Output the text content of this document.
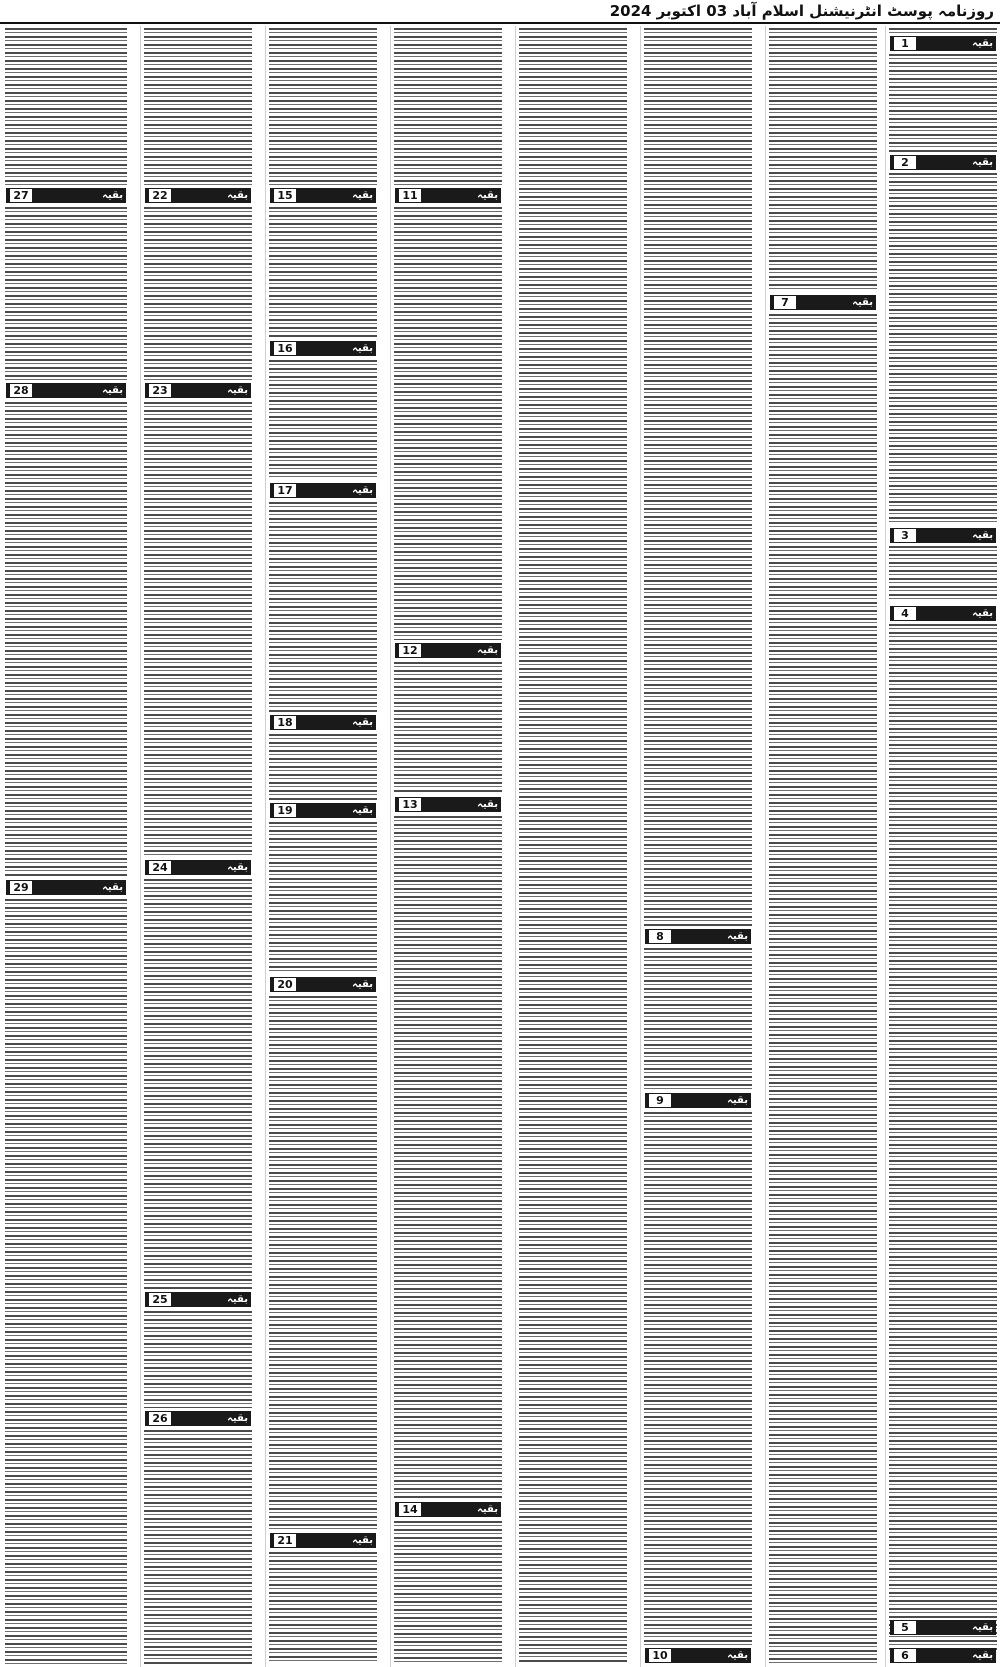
روزنامہ پوسٹ انٹرنیشنل اسلام آباد 03 اکتوبر 2024
بقیہ
1
بقیہ
2
بقیہ
3
بقیہ
4
بقیہ
5
بقیہ
6
بقیہ
7
بقیہ
8
بقیہ
9
بقیہ
10
بقیہ
11
بقیہ
12
بقیہ
13
بقیہ
14
بقیہ
15
بقیہ
16
بقیہ
17
بقیہ
18
بقیہ
19
بقیہ
20
بقیہ
21
بقیہ
22
بقیہ
23
بقیہ
24
بقیہ
25
بقیہ
26
بقیہ
27
بقیہ
28
بقیہ
29
